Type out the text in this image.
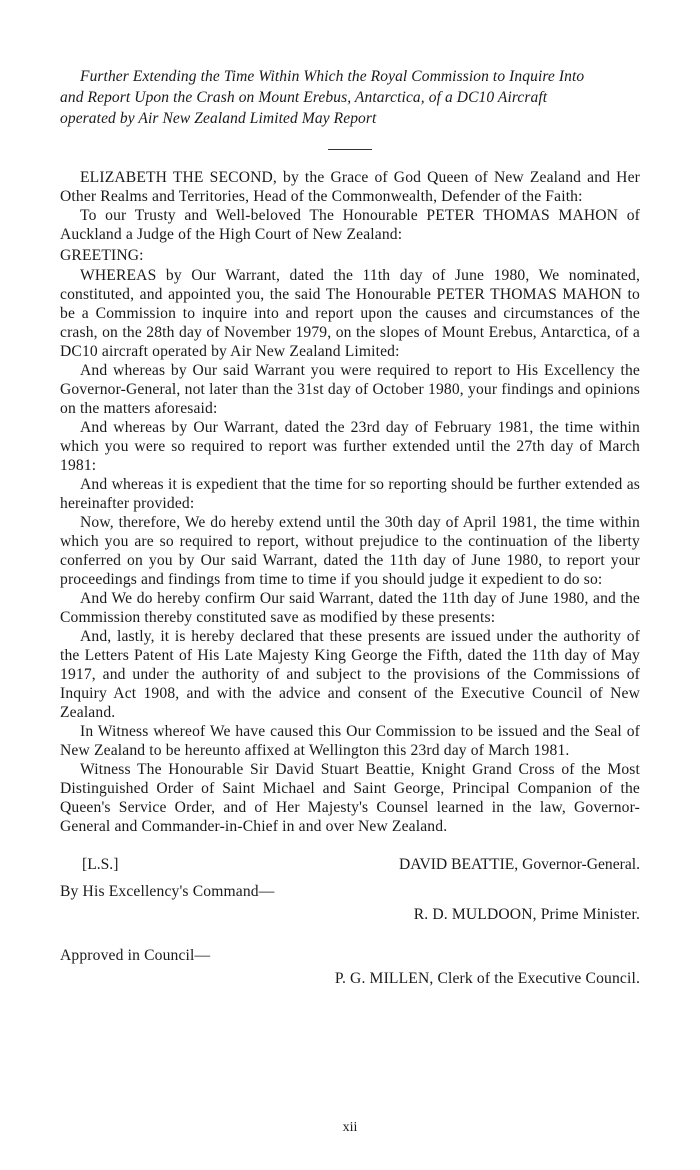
Further Extending the Time Within Which the Royal Commission to Inquire Into
and Report Upon the Crash on Mount Erebus, Antarctica, of a DC10 Aircraft
operated by Air New Zealand Limited May Report

ELIZABETH THE SECOND, by the Grace of God Queen of New Zealand and Her Other Realms and Territories, Head of the Commonwealth, Defender of the Faith:

To our Trusty and Well-beloved The Honourable PETER THOMAS MAHON of Auckland a Judge of the High Court of New Zealand:

GREETING:

WHEREAS by Our Warrant, dated the 11th day of June 1980, We nominated, constituted, and appointed you, the said The Honourable PETER THOMAS MAHON to be a Commission to inquire into and report upon the causes and circumstances of the crash, on the 28th day of November 1979, on the slopes of Mount Erebus, Antarctica, of a DC10 aircraft operated by Air New Zealand Limited:

And whereas by Our said Warrant you were required to report to His Excellency the Governor-General, not later than the 31st day of October 1980, your findings and opinions on the matters aforesaid:

And whereas by Our Warrant, dated the 23rd day of February 1981, the time within which you were so required to report was further extended until the 27th day of March 1981:

And whereas it is expedient that the time for so reporting should be further extended as hereinafter provided:

Now, therefore, We do hereby extend until the 30th day of April 1981, the time within which you are so required to report, without prejudice to the continuation of the liberty conferred on you by Our said Warrant, dated the 11th day of June 1980, to report your proceedings and findings from time to time if you should judge it expedient to do so:

And We do hereby confirm Our said Warrant, dated the 11th day of June 1980, and the Commission thereby constituted save as modified by these presents:

And, lastly, it is hereby declared that these presents are issued under the authority of the Letters Patent of His Late Majesty King George the Fifth, dated the 11th day of May 1917, and under the authority of and subject to the provisions of the Commissions of Inquiry Act 1908, and with the advice and consent of the Executive Council of New Zealand.

In Witness whereof We have caused this Our Commission to be issued and the Seal of New Zealand to be hereunto affixed at Wellington this 23rd day of March 1981.

Witness The Honourable Sir David Stuart Beattie, Knight Grand Cross of the Most Distinguished Order of Saint Michael and Saint George, Principal Companion of the Queen's Service Order, and of Her Majesty's Counsel learned in the law, Governor-General and Commander-in-Chief in and over New Zealand.

[L.S.]	DAVID BEATTIE, Governor-General.

By His Excellency's Command—

R. D. MULDOON, Prime Minister.

Approved in Council—

P. G. MILLEN, Clerk of the Executive Council.

xii
